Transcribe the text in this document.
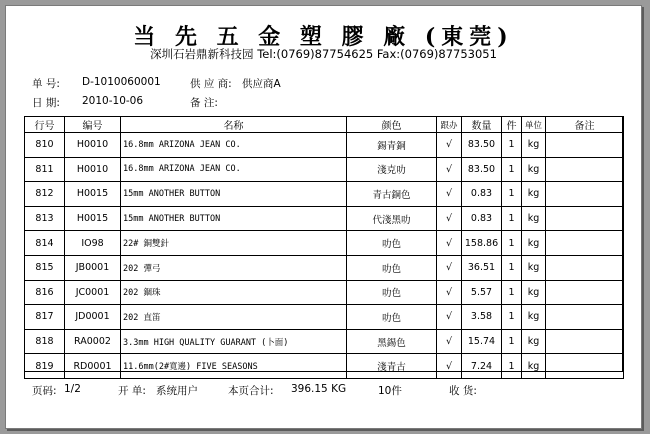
当 先 五 金 塑 膠 廠 (東莞)
深圳石岩鼎新科技园 Tel:(0769)87754625 Fax:(0769)87753051
单 号: D-1010060001	供 应 商: 供应商A
日 期: 2010-10-06	备 注:
行号	编号	名称	颜色	跟办	数量	件	单位	备注
810	H0010	16.8mm ARIZONA JEAN CO.	錫青銅	√	83.50	1	kg	
811	H0010	16.8mm ARIZONA JEAN CO.	淺克叻	√	83.50	1	kg	
812	H0015	15mm ANOTHER BUTTON	青古銅色	√	0.83	1	kg	
813	H0015	15mm ANOTHER BUTTON	代淺黑叻	√	0.83	1	kg	
814	IO98	22# 銅雙針	叻色	√	158.86	1	kg	
815	JB0001	202 彈弓	叻色	√	36.51	1	kg	
816	JC0001	202 錮珠	叻色	√	5.57	1	kg	
817	JD0001	202 直笛	叻色	√	3.58	1	kg	
818	RA0002	3.3mm HIGH QUALITY GUARANT (卜面)	黑錫色	√	15.74	1	kg	
819	RD0001	11.6mm(2#寬邊) FIVE SEASONS	淺青古	√	7.24	1	kg	
页码: 1/2	开 单: 系统用户	本页合计: 396.15 KG	10件	收 货:
